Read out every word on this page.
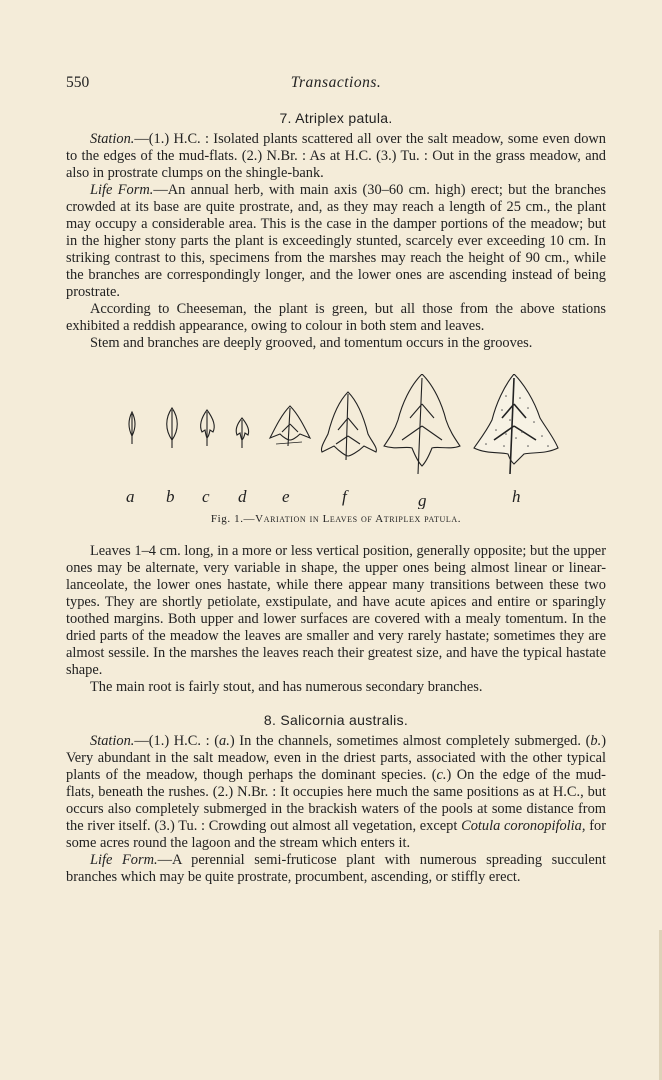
550	Transactions.
7. Atriplex patula.

Station.—(1.) H.C. : Isolated plants scattered all over the salt meadow, some even down to the edges of the mud-flats. (2.) N.Br. : As at H.C. (3.) Tu. : Out in the grass meadow, and also in prostrate clumps on the shingle-bank.

Life Form.—An annual herb, with main axis (30–60 cm. high) erect; but the branches crowded at its base are quite prostrate, and, as they may reach a length of 25 cm., the plant may occupy a considerable area. This is the case in the damper portions of the meadow; but in the higher stony parts the plant is exceedingly stunted, scarcely ever exceeding 10 cm. In striking contrast to this, specimens from the marshes may reach the height of 90 cm., while the branches are correspondingly longer, and the lower ones are ascending instead of being prostrate.

According to Cheeseman, the plant is green, but all those from the above stations exhibited a reddish appearance, owing to colour in both stem and leaves.

Stem and branches are deeply grooved, and tomentum occurs in the grooves.

a b c d e	f	g	h
Fig. 1.—Variation in Leaves of Atriplex patula.

Leaves 1–4 cm. long, in a more or less vertical position, generally opposite; but the upper ones may be alternate, very variable in shape, the upper ones being almost linear or linear-lanceolate, the lower ones hastate, while there appear many transitions between these two types. They are shortly petiolate, exstipulate, and have acute apices and entire or sparingly toothed margins. Both upper and lower surfaces are covered with a mealy tomentum. In the dried parts of the meadow the leaves are smaller and very rarely hastate; sometimes they are almost sessile. In the marshes the leaves reach their greatest size, and have the typical hastate shape.

The main root is fairly stout, and has numerous secondary branches.

8. Salicornia australis.

Station.—(1.) H.C. : (a.) In the channels, sometimes almost completely submerged. (b.) Very abundant in the salt meadow, even in the driest parts, associated with the other typical plants of the meadow, though perhaps the dominant species. (c.) On the edge of the mud-flats, beneath the rushes. (2.) N.Br. : It occupies here much the same positions as at H.C., but occurs also completely submerged in the brackish waters of the pools at some distance from the river itself. (3.) Tu. : Crowding out almost all vegetation, except Cotula coronopifolia, for some acres round the lagoon and the stream which enters it.

Life Form.—A perennial semi-fruticose plant with numerous spreading succulent branches which may be quite prostrate, procumbent, ascending, or stiffly erect.
